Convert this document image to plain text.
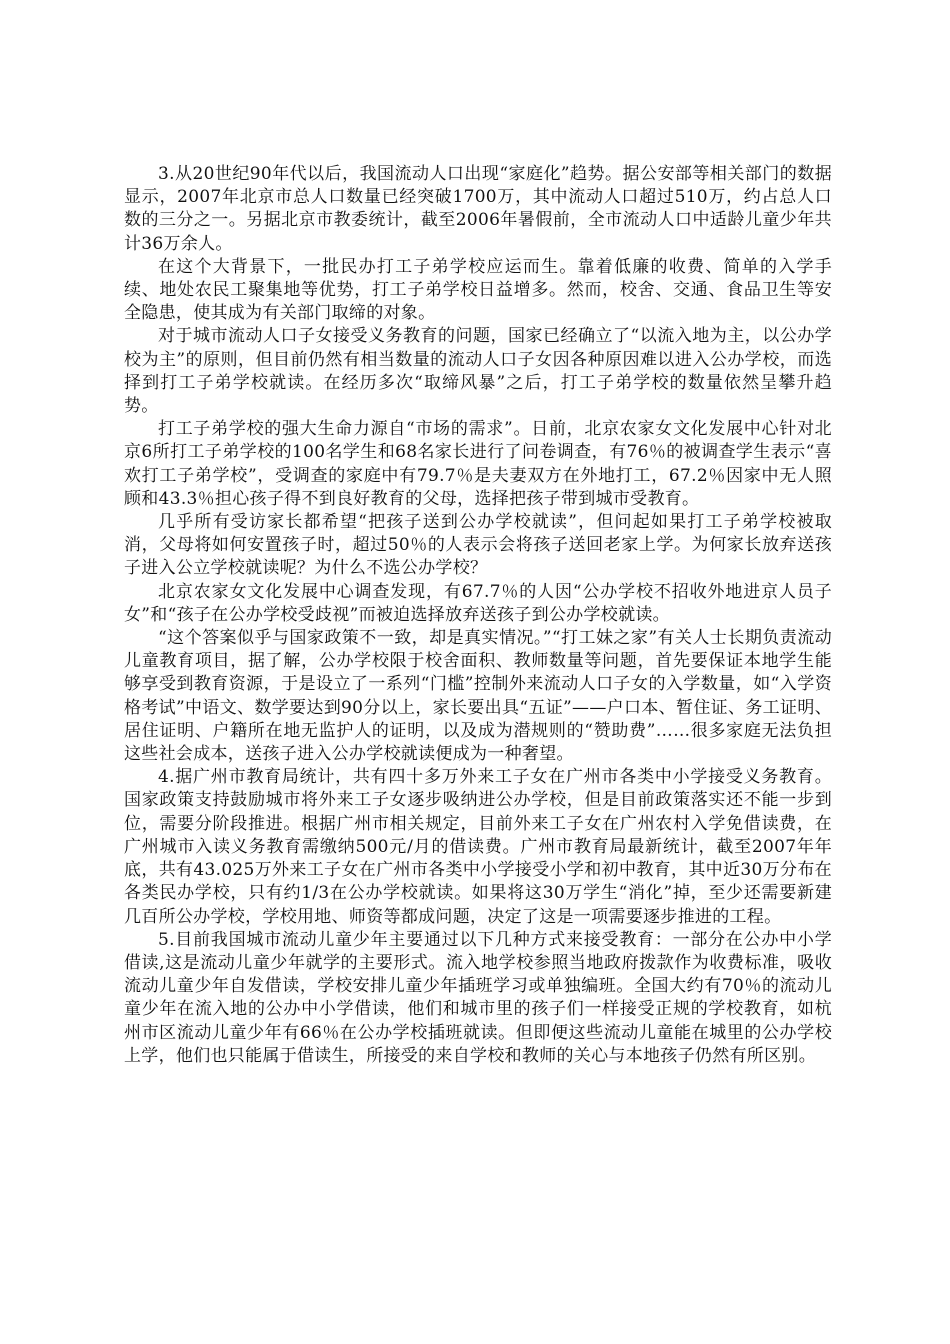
3.从20世纪90年代以后，我国流动人口出现“家庭化”趋势。据公安部等相关部门的数据显示，2007年北京市总人口数量已经突破1700万，其中流动人口超过510万，约占总人口数的三分之一。另据北京市教委统计，截至2006年暑假前，全市流动人口中适龄儿童少年共计36万余人。

在这个大背景下，一批民办打工子弟学校应运而生。靠着低廉的收费、简单的入学手续、地处农民工聚集地等优势，打工子弟学校日益增多。然而，校舍、交通、食品卫生等安全隐患，使其成为有关部门取缔的对象。

对于城市流动人口子女接受义务教育的问题，国家已经确立了“以流入地为主，以公办学校为主”的原则，但目前仍然有相当数量的流动人口子女因各种原因难以进入公办学校，而选择到打工子弟学校就读。在经历多次“取缔风暴”之后，打工子弟学校的数量依然呈攀升趋势。

打工子弟学校的强大生命力源自“市场的需求”。日前，北京农家女文化发展中心针对北京6所打工子弟学校的100名学生和68名家长进行了问卷调查，有76％的被调查学生表示“喜欢打工子弟学校”，受调查的家庭中有79.7％是夫妻双方在外地打工，67.2％因家中无人照顾和43.3％担心孩子得不到良好教育的父母，选择把孩子带到城市受教育。

几乎所有受访家长都希望“把孩子送到公办学校就读”，但问起如果打工子弟学校被取消，父母将如何安置孩子时，超过50％的人表示会将孩子送回老家上学。为何家长放弃送孩子进入公立学校就读呢？为什么不选公办学校？

北京农家女文化发展中心调查发现，有67.7％的人因“公办学校不招收外地进京人员子女”和“孩子在公办学校受歧视”而被迫选择放弃送孩子到公办学校就读。

“这个答案似乎与国家政策不一致，却是真实情况。”“打工妹之家”有关人士长期负责流动儿童教育项目，据了解，公办学校限于校舍面积、教师数量等问题，首先要保证本地学生能够享受到教育资源，于是设立了一系列“门槛”控制外来流动人口子女的入学数量，如“入学资格考试”中语文、数学要达到90分以上，家长要出具“五证”——户口本、暂住证、务工证明、居住证明、户籍所在地无监护人的证明，以及成为潜规则的“赞助费”……很多家庭无法负担这些社会成本，送孩子进入公办学校就读便成为一种奢望。

4.据广州市教育局统计，共有四十多万外来工子女在广州市各类中小学接受义务教育。国家政策支持鼓励城市将外来工子女逐步吸纳进公办学校，但是目前政策落实还不能一步到位，需要分阶段推进。根据广州市相关规定，目前外来工子女在广州农村入学免借读费，在广州城市入读义务教育需缴纳500元/月的借读费。广州市教育局最新统计，截至2007年年底，共有43.025万外来工子女在广州市各类中小学接受小学和初中教育，其中近30万分布在各类民办学校，只有约1/3在公办学校就读。如果将这30万学生“消化”掉，至少还需要新建几百所公办学校，学校用地、师资等都成问题，决定了这是一项需要逐步推进的工程。

5.目前我国城市流动儿童少年主要通过以下几种方式来接受教育：一部分在公办中小学借读,这是流动儿童少年就学的主要形式。流入地学校参照当地政府拨款作为收费标准，吸收流动儿童少年自发借读，学校安排儿童少年插班学习或单独编班。全国大约有70％的流动儿童少年在流入地的公办中小学借读，他们和城市里的孩子们一样接受正规的学校教育，如杭州市区流动儿童少年有66％在公办学校插班就读。但即便这些流动儿童能在城里的公办学校上学，他们也只能属于借读生，所接受的来自学校和教师的关心与本地孩子仍然有所区别。
